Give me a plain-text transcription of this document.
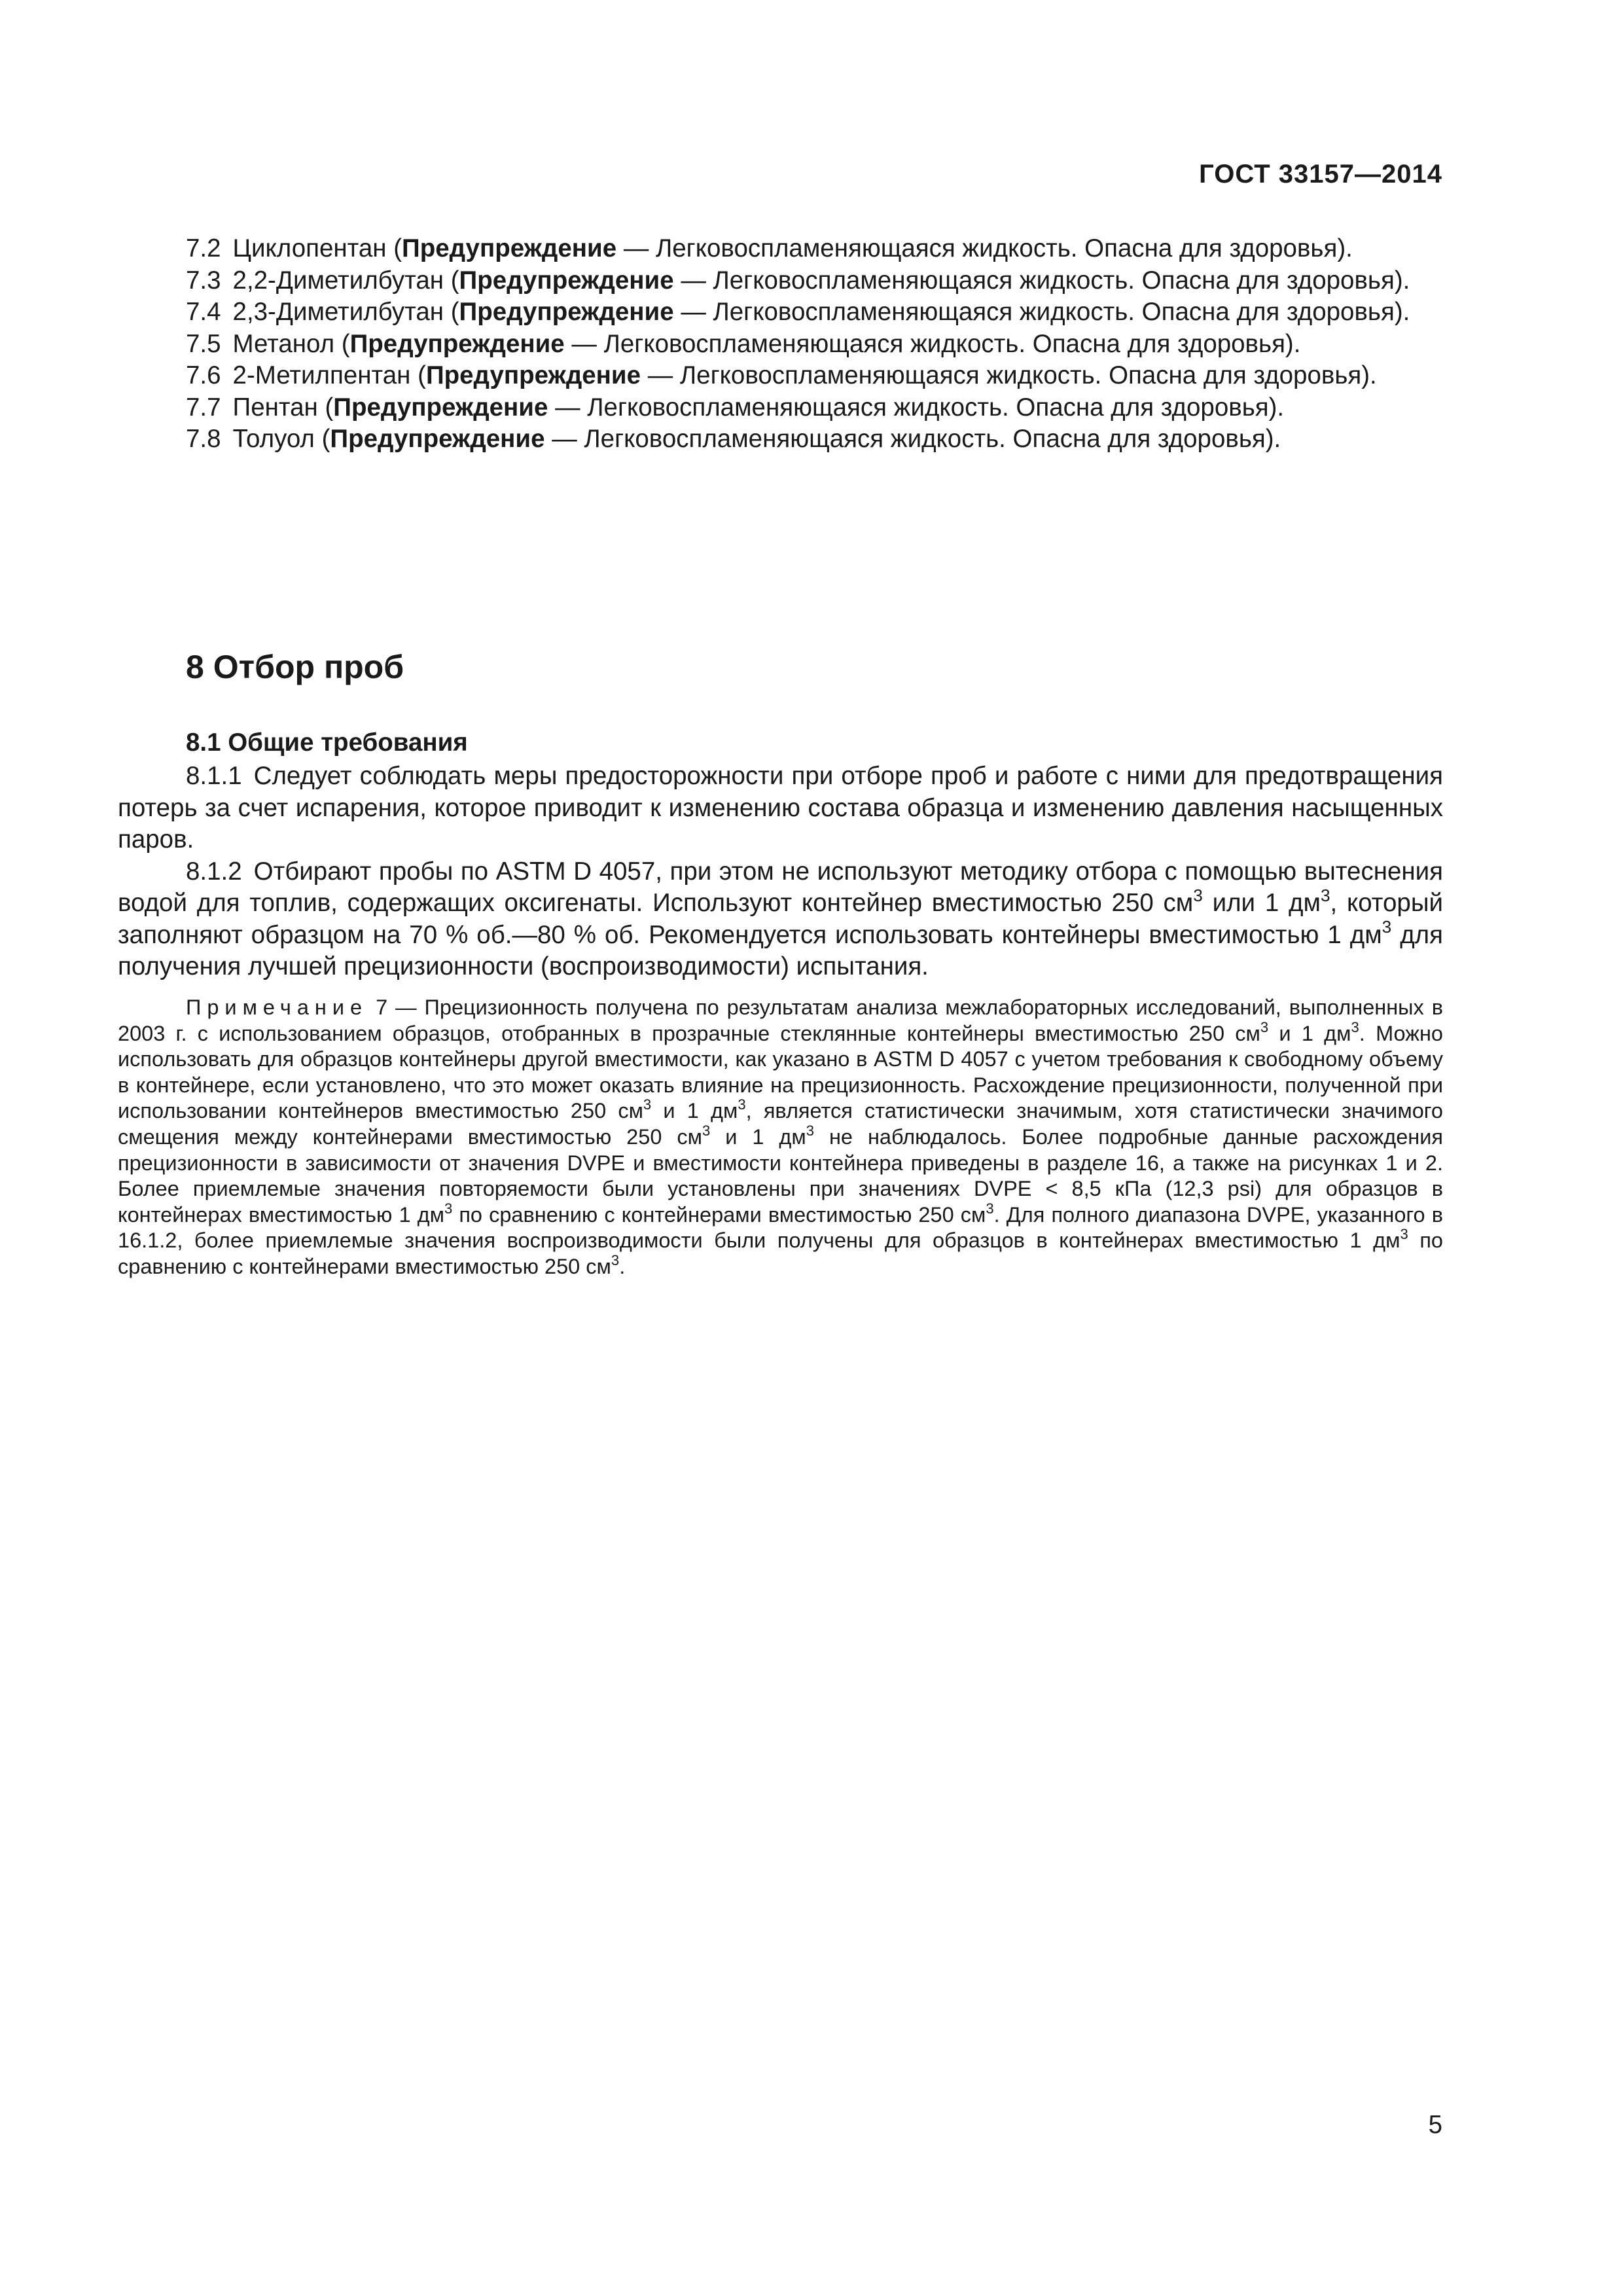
ГОСТ 33157—2014

7.2 Циклопентан (Предупреждение — Легковоспламеняющаяся жидкость. Опасна для здоровья).

7.3 2,2-Диметилбутан (Предупреждение — Легковоспламеняющаяся жидкость. Опасна для здоровья).

7.4 2,3-Диметилбутан (Предупреждение — Легковоспламеняющаяся жидкость. Опасна для здоровья).

7.5 Метанол (Предупреждение — Легковоспламеняющаяся жидкость. Опасна для здоровья).

7.6 2-Метилпентан (Предупреждение — Легковоспламеняющаяся жидкость. Опасна для здоровья).

7.7 Пентан (Предупреждение — Легковоспламеняющаяся жидкость. Опасна для здоровья).

7.8 Толуол (Предупреждение — Легковоспламеняющаяся жидкость. Опасна для здоровья).

8 Отбор проб
8.1 Общие требования

8.1.1 Следует соблюдать меры предосторожности при отборе проб и работе с ними для предотвращения потерь за счет испарения, которое приводит к изменению состава образца и изменению давления насыщенных паров.

8.1.2 Отбирают пробы по ASTM D 4057, при этом не используют методику отбора с помощью вытеснения водой для топлив, содержащих оксигенаты. Используют контейнер вместимостью 250 $см^3$ или 1 $дм^3$, который заполняют образцом на 70 % об.—80 % об. Рекомендуется использовать контейнеры вместимостью 1 $дм^3$ для получения лучшей прецизионности (воспроизводимости) испытания.

Примечание 7 — Прецизионность получена по результатам анализа межлабораторных исследований, выполненных в 2003 г. с использованием образцов, отобранных в прозрачные стеклянные контейнеры вместимостью 250 $см^3$ и 1 $дм^3$. Можно использовать для образцов контейнеры другой вместимости, как указано в ASTM D 4057 с учетом требования к свободному объему в контейнере, если установлено, что это может оказать влияние на прецизионность. Расхождение прецизионности, полученной при использовании контейнеров вместимостью 250 $см^3$ и 1 $дм^3$, является статистически значимым, хотя статистически значимого смещения между контейнерами вместимостью 250 $см^3$ и 1 $дм^3$ не наблюдалось. Более подробные данные расхождения прецизионности в зависимости от значения DVPE и вместимости контейнера приведены в разделе 16, а также на рисунках 1 и 2. Более приемлемые значения повторяемости были установлены при значениях DVPE < 8,5 кПа (12,3 psi) для образцов в контейнерах вместимостью 1 $дм^3$ по сравнению с контейнерами вместимостью 250 $см^3$. Для полного диапазона DVPE, указанного в 16.1.2, более приемлемые значения воспроизводимости были получены для образцов в контейнерах вместимостью 1 $дм^3$ по сравнению с контейнерами вместимостью 250 $см^3$.

5
